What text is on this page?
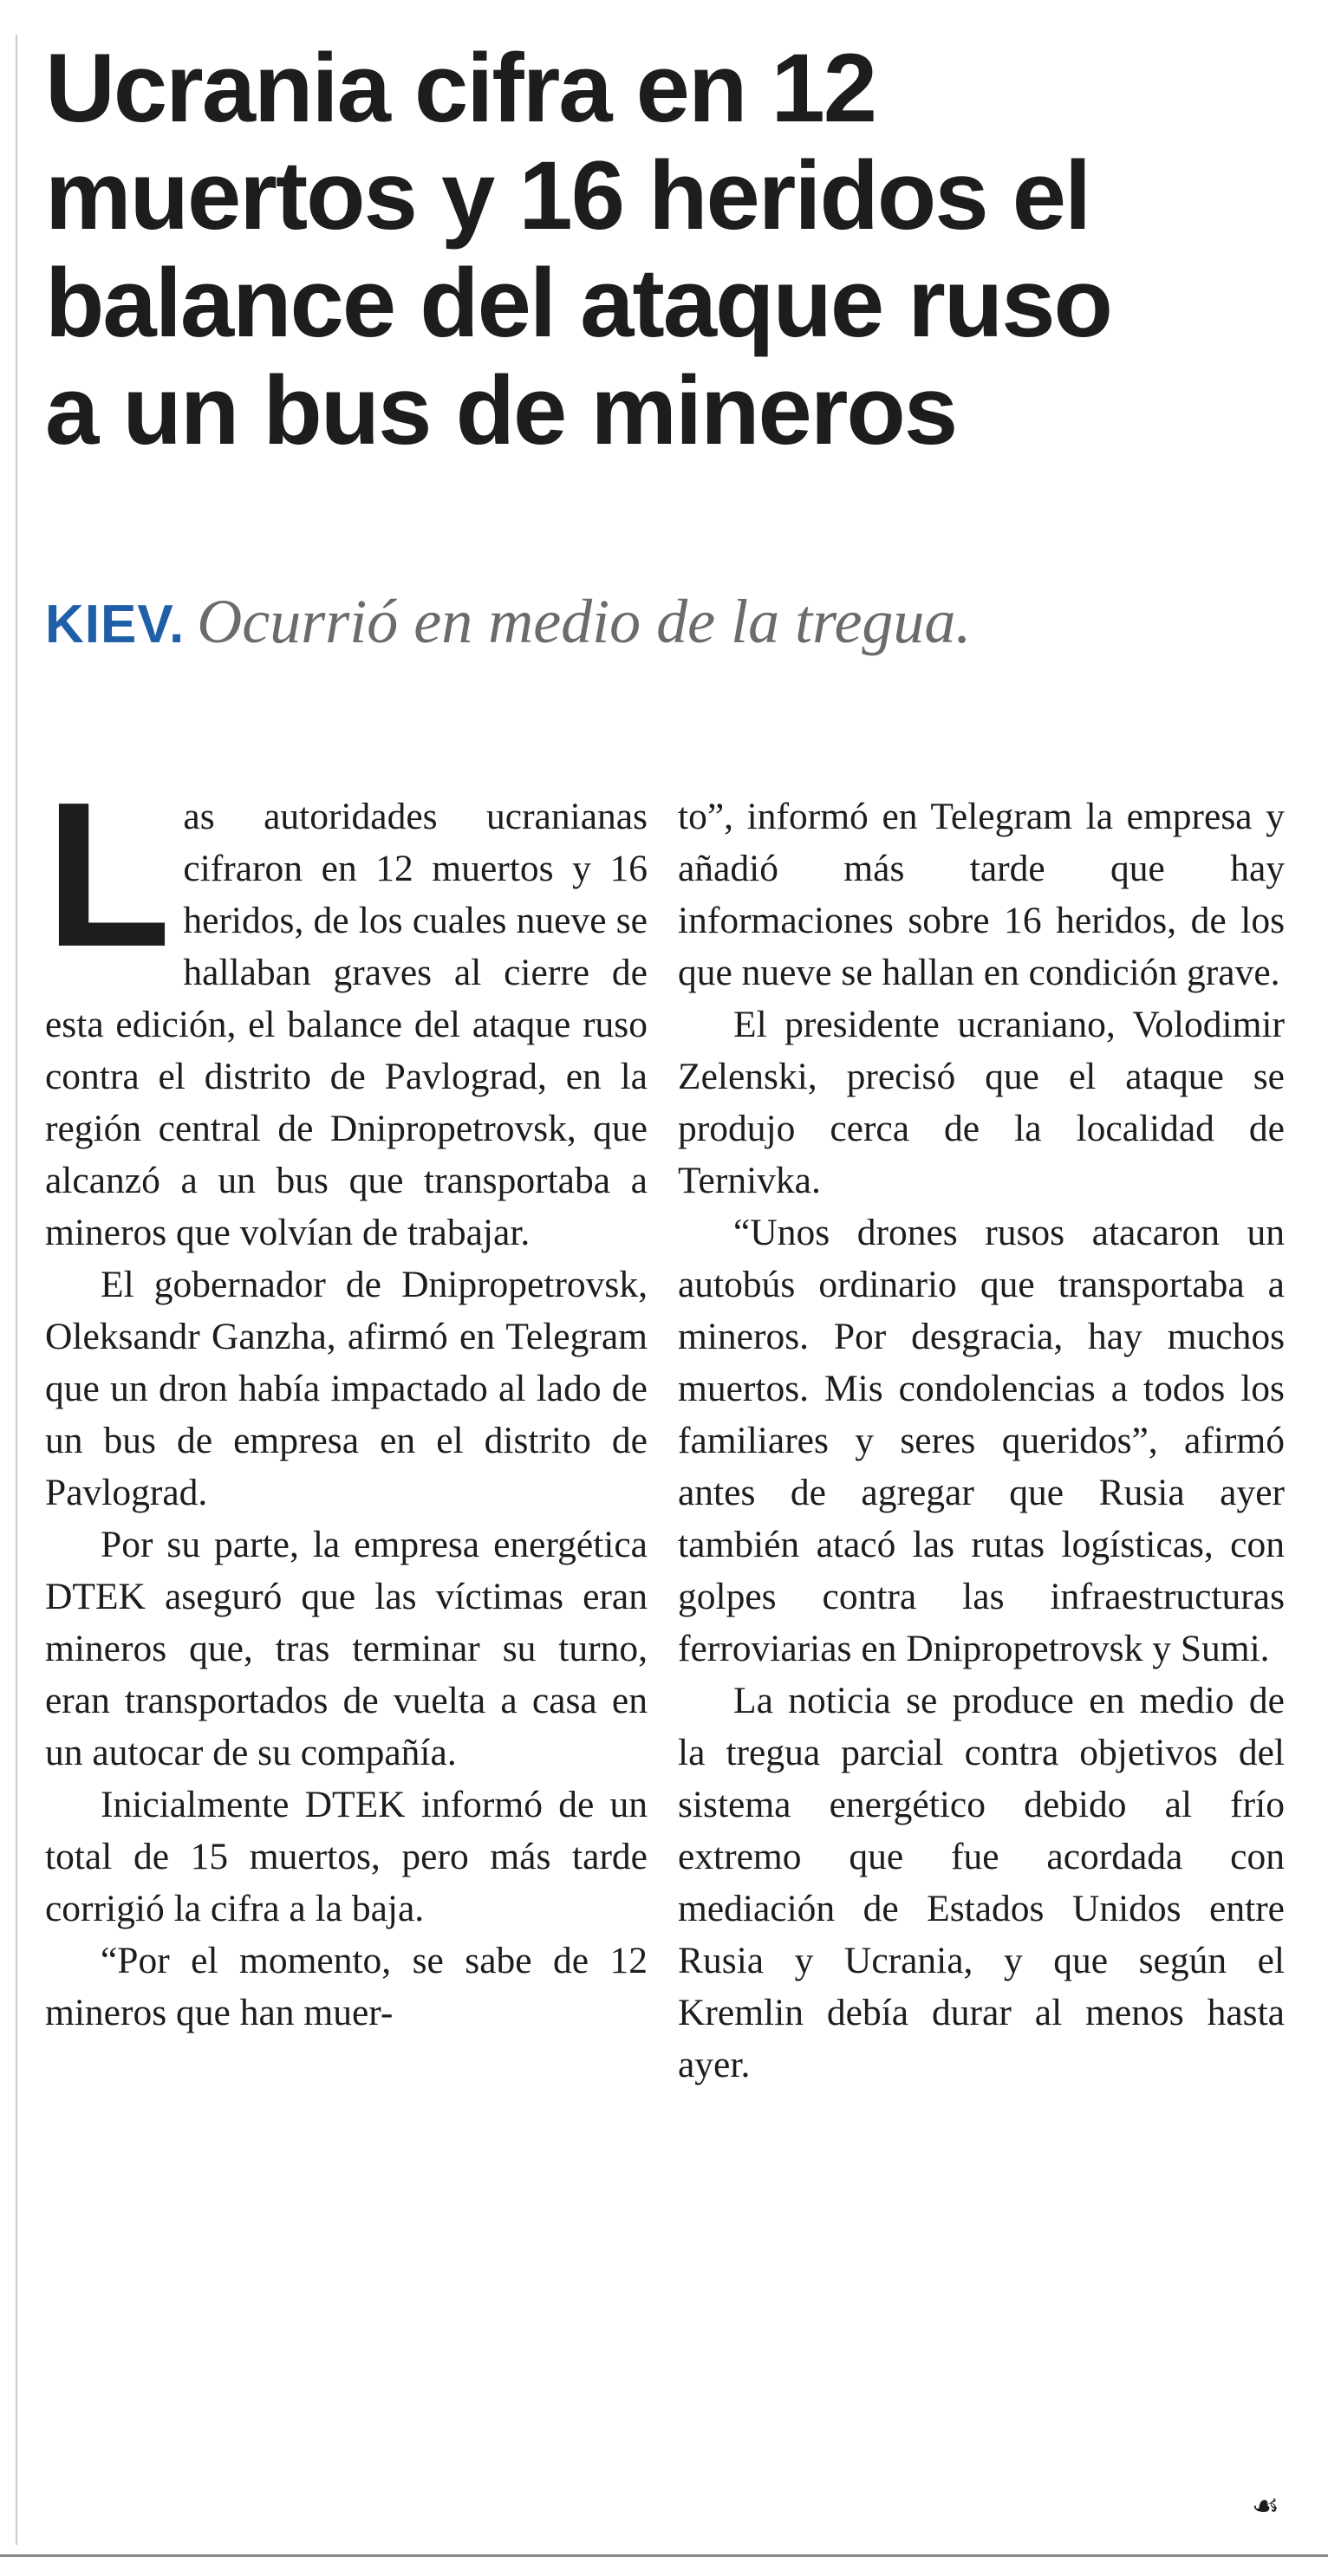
Ucrania cifra en 12
muertos y 16 heridos el
balance del ataque ruso
a un bus de mineros
KIEV. Ocurrió en medio de la tregua.

Las autoridades ucranianas cifraron en 12 muertos y 16 heridos, de los cuales nueve se hallaban graves al cierre de esta edición, el balance del ataque ruso contra el distrito de Pavlograd, en la región central de Dnipropetrovsk, que alcanzó a un bus que transportaba a mineros que volvían de trabajar.

El gobernador de Dnipropetrovsk, Oleksandr Ganzha, afirmó en Telegram que un dron había impactado al lado de un bus de empresa en el distrito de Pavlograd.

Por su parte, la empresa energética DTEK aseguró que las víctimas eran mineros que, tras terminar su turno, eran transportados de vuelta a casa en un autocar de su compañía.

Inicialmente DTEK informó de un total de 15 muertos, pero más tarde corrigió la cifra a la baja.

“Por el momento, se sabe de 12 mineros que han muer-

to”, informó en Telegram la empresa y añadió más tarde que hay informaciones sobre 16 heridos, de los que nueve se hallan en condición grave.

El presidente ucraniano, Volodimir Zelenski, precisó que el ataque se produjo cerca de la localidad de Ternivka.

“Unos drones rusos atacaron un autobús ordinario que transportaba a mineros. Por desgracia, hay muchos muertos. Mis condolencias a todos los familiares y seres queridos”, afirmó antes de agregar que Rusia ayer también atacó las rutas logísticas, con golpes contra las infraestructuras ferroviarias en Dnipropetrovsk y Sumi.

La noticia se produce en medio de la tregua parcial contra objetivos del sistema energético debido al frío extremo que fue acordada con mediación de Estados Unidos entre Rusia y Ucrania, y que según el Kremlin debía durar al menos hasta ayer.

☙
